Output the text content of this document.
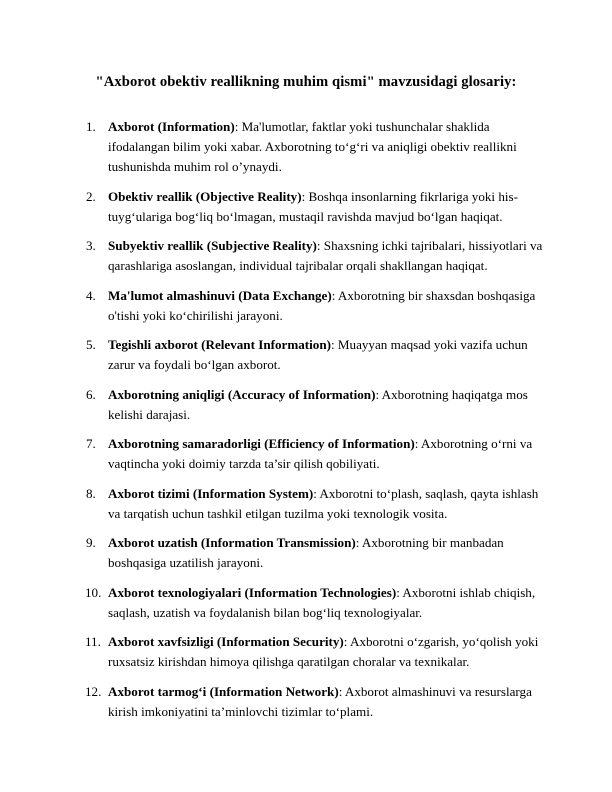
"Axborot obektiv reallikning muhim qismi" mavzusidagi glosariy:
1. Axborot (Information): Ma'lumotlar, faktlar yoki tushunchalar shaklida ifodalangan bilim yoki xabar. Axborotning toʻgʻri va aniqligi obektiv reallikni tushunishda muhim rol oʼynaydi.
2. Obektiv reallik (Objective Reality): Boshqa insonlarning fikrlariga yoki his-tuygʻulariga bogʻliq boʻlmagan, mustaqil ravishda mavjud boʻlgan haqiqat.
3. Subyektiv reallik (Subjective Reality): Shaxsning ichki tajribalari, hissiyotlari va qarashlariga asoslangan, individual tajribalar orqali shakllangan haqiqat.
4. Ma'lumot almashinuvi (Data Exchange): Axborotning bir shaxsdan boshqasiga o'tishi yoki koʻchirilishi jarayoni.
5. Tegishli axborot (Relevant Information): Muayyan maqsad yoki vazifa uchun zarur va foydali boʻlgan axborot.
6. Axborotning aniqligi (Accuracy of Information): Axborotning haqiqatga mos kelishi darajasi.
7. Axborotning samaradorligi (Efficiency of Information): Axborotning oʻrni va vaqtincha yoki doimiy tarzda ta’sir qilish qobiliyati.
8. Axborot tizimi (Information System): Axborotni toʻplash, saqlash, qayta ishlash va tarqatish uchun tashkil etilgan tuzilma yoki texnologik vosita.
9. Axborot uzatish (Information Transmission): Axborotning bir manbadan boshqasiga uzatilish jarayoni.
10. Axborot texnologiyalari (Information Technologies): Axborotni ishlab chiqish, saqlash, uzatish va foydalanish bilan bogʻliq texnologiyalar.
11. Axborot xavfsizligi (Information Security): Axborotni oʻzgarish, yoʻqolish yoki ruxsatsiz kirishdan himoya qilishga qaratilgan choralar va texnikalar.
12. Axborot tarmogʻi (Information Network): Axborot almashinuvi va resurslarga kirish imkoniyatini ta’minlovchi tizimlar toʻplami.
